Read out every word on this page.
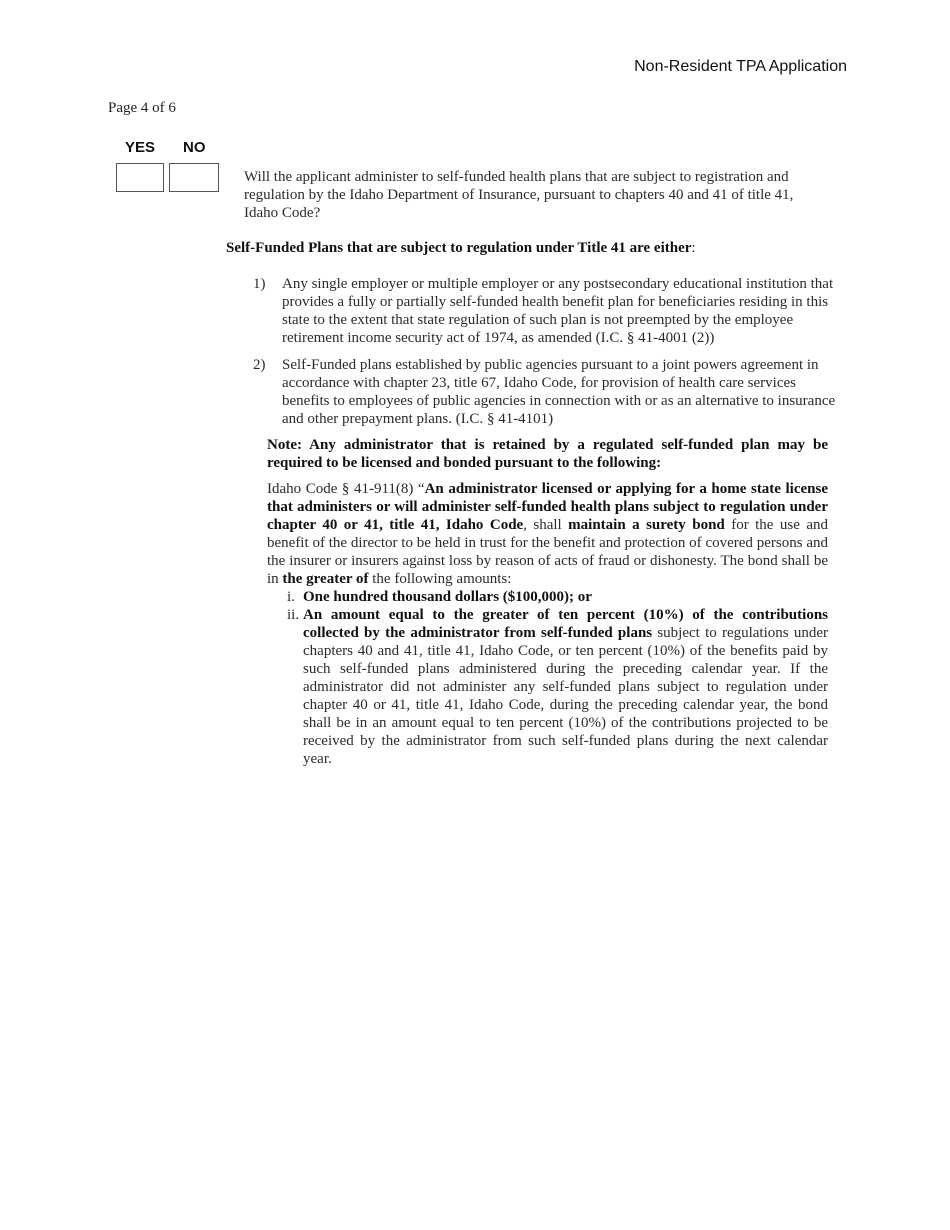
Non-Resident TPA Application
Page 4 of 6
YES NO
Will the applicant administer to self-funded health plans that are subject to registration and regulation by the Idaho Department of Insurance, pursuant to chapters 40 and 41 of title 41, Idaho Code?
Self-Funded Plans that are subject to regulation under Title 41 are either:
1)	Any single employer or multiple employer or any postsecondary educational institution that provides a fully or partially self-funded health benefit plan for beneficiaries residing in this state to the extent that state regulation of such plan is not preempted by the employee retirement income security act of 1974, as amended (I.C. § 41-4001 (2))
2)	Self-Funded plans established by public agencies pursuant to a joint powers agreement in accordance with chapter 23, title 67, Idaho Code, for provision of health care services benefits to employees of public agencies in connection with or as an alternative to insurance and other prepayment plans. (I.C. § 41-4101)
Note: Any administrator that is retained by a regulated self-funded plan may be required to be licensed and bonded pursuant to the following:
Idaho Code § 41-911(8) “An administrator licensed or applying for a home state license that administers or will administer self-funded health plans subject to regulation under chapter 40 or 41, title 41, Idaho Code, shall maintain a surety bond for the use and benefit of the director to be held in trust for the benefit and protection of covered persons and the insurer or insurers against loss by reason of acts of fraud or dishonesty. The bond shall be in the greater of the following amounts:
i. One hundred thousand dollars ($100,000); or
ii. An amount equal to the greater of ten percent (10%) of the contributions collected by the administrator from self-funded plans subject to regulations under chapters 40 and 41, title 41, Idaho Code, or ten percent (10%) of the benefits paid by such self-funded plans administered during the preceding calendar year. If the administrator did not administer any self-funded plans subject to regulation under chapter 40 or 41, title 41, Idaho Code, during the preceding calendar year, the bond shall be in an amount equal to ten percent (10%) of the contributions projected to be received by the administrator from such self-funded plans during the next calendar year.
